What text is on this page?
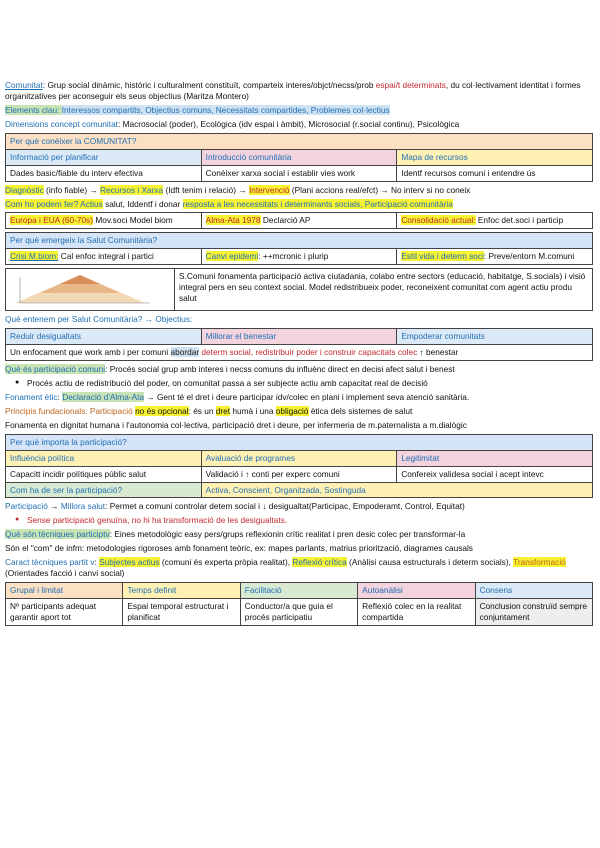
Comunitat: Grup social dinàmic, històric i culturalment constituït, comparteix interes/objct/necss/prob espai/t determinats, du col·lectivament identitat i formes organitzatives per aconseguir els seus objectius (Maritza Montero)
Elements clau: Interessos compartits, Objectius comuns, Necessitats compartides, Problemes col·lectius
Dimensions concept comunitat: Macrosocial (poder), Ecològica (idv espai i àmbit), Microsocial (r.social continu), Psicològica
Per què conèixer la COMUNITAT?		
Informació per planificar	Introducció comunitària	Mapa de recursos
Dades basic/fiable du interv efectiva	Conèixer xarxa social i establir vies work	Identf recursos comuni i entendre ús
Diagnòstic (info fiable) → Recursos i Xarxa (Idft tenim i relació) → Intervenció (Plani accions real/efct) → No interv si no coneix
Com ho podem fer? Actius salut, Iddentf i donar resposta a les necessitats i determinants socials, Participació comunitària
Europa i EUA (60-70s) Mov.soci Model biom	Alma-Ata 1978 Declarció AP	Consolidació actual: Enfoc det.soci i particip
Per què emergeix la Salut Comunitària?
Crisi M.biom: Cal enfoc integral i partici	Canvi epidemi: ++mcronic i plurip	Estil vida i determ soci: Preve/entorn M.comuni
	S.Comuni fonamenta participació activa ciutadania, colabo entre sectors (educació, habitatge, S.socials) i visió integral pers en seu context social. Model redistribueix poder, reconeixent comunitat com agent actiu produ salut
Què entenem per Salut Comunitària? → Objectius:
Reduir desigualtats	Millorar el benestar	Empoderar comunitats
Un enfocament que work amb i per comuni abordar determ social, redistribuir poder i construir capacitats colec ↑ benestar
Què és participació comuni: Procés social grup amb interes i necss comuns du influènc direct en decisi afect salut i benest
● Procés actiu de redistribució del poder, on comunitat passa a ser subjecte actiu amb capacitat real de decisió
Fonament ètic: Declaració d'Alma-Ata → Gent té el dret i deure participar idv/colec en plani i implement seva atenció sanitària.
Principis fundacionals: Participació no és opcional: és un dret humà i una obligació ètica dels sistemes de salut
Fonamenta en dignitat humana i l'autonomia col·lectiva, participació dret i deure, per infermeria de m.paternalista a m.dialògic
Per què importa la participació?		
Influència política	Avaluació de programes	Legitimitat
Capacitt incidir polítiques públic salut	Validació i ↑ conti per experc comuni	Confereix validesa social i acept intevc
Com ha de ser la participació?	Activa, Conscient, Organitzada, Sostinguda	
Participació → Millora salut: Permet a comuni controlar detem social i ↓ desigualtat(Participac, Empoderamt, Control, Equitat)
● Sense participació genuïna, no hi ha transformació de les desigualtats.
Què són tècniques participtv: Eines metodològic easy pers/grups reflexionin crític realitat i pren desic colec per transformar-la
Són el "com" de infm: metodologies rigoroses amb fonament teòric, ex: mapes parlants, matrius priorització, diagrames causals
Caract tècniques partit v: Subjectes actius (comuni és experta pròpia realitat), Reflexió crítica (Anàlisi causa estructurals i determ socials), Transformació (Orientades facció i canvi social)
Grupal i limitat	Temps definit	Facilitació	Autoanàlisi	Consens
Nº participants adequat garantir aport tot	Espai temporal estructurat i planificat	Conductor/a que guia el procés participatiu	Reflexió colec en la realitat compartida	Conclusion construïd sempre conjuntament
